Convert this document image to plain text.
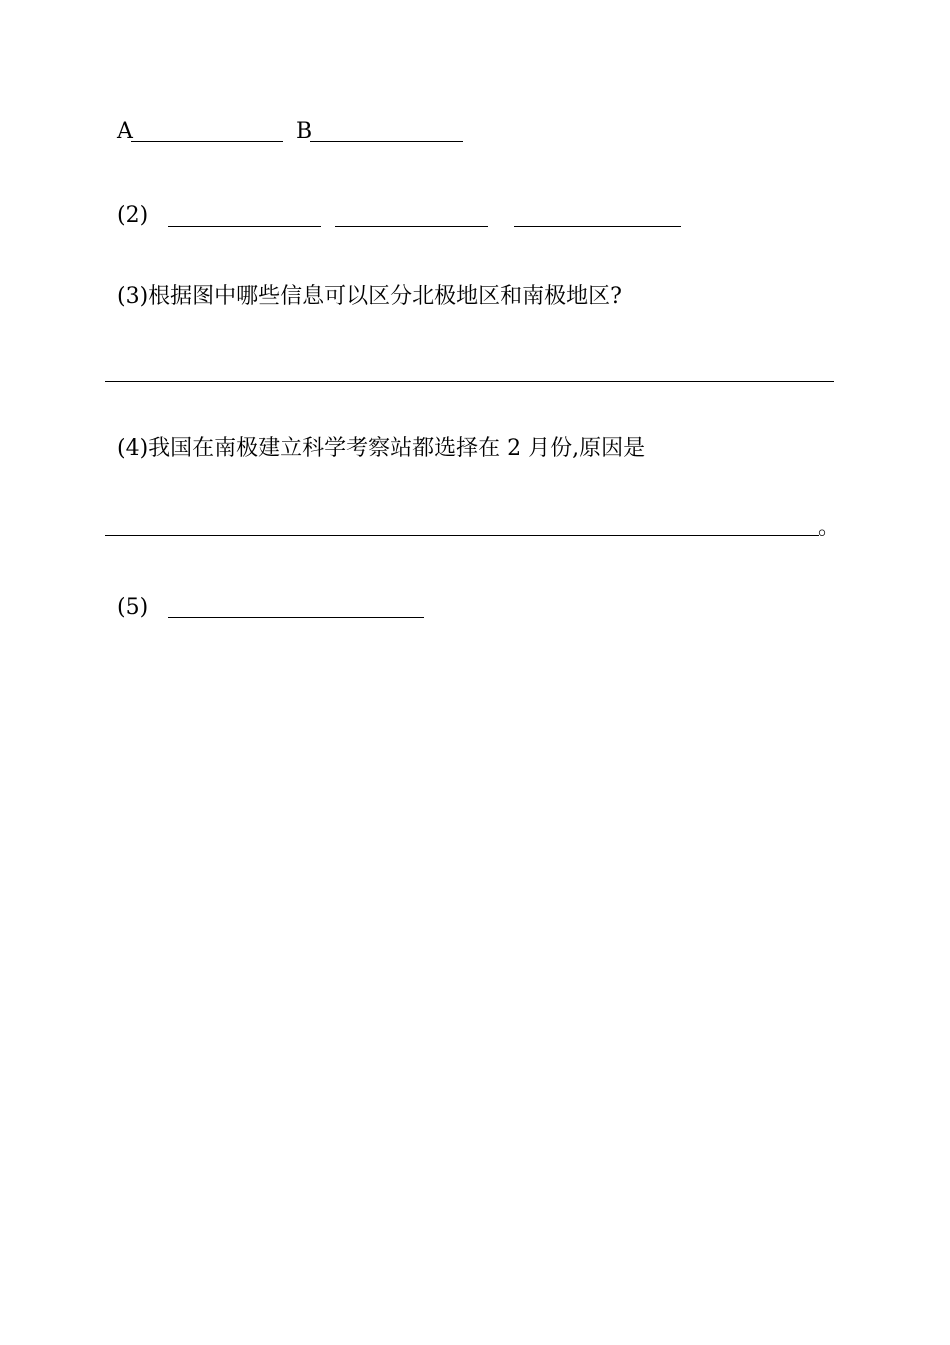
A	B
(2)
(3)根据图中哪些信息可以区分北极地区和南极地区?
(4)我国在南极建立科学考察站都选择在 2 月份,原因是
。
(5)
